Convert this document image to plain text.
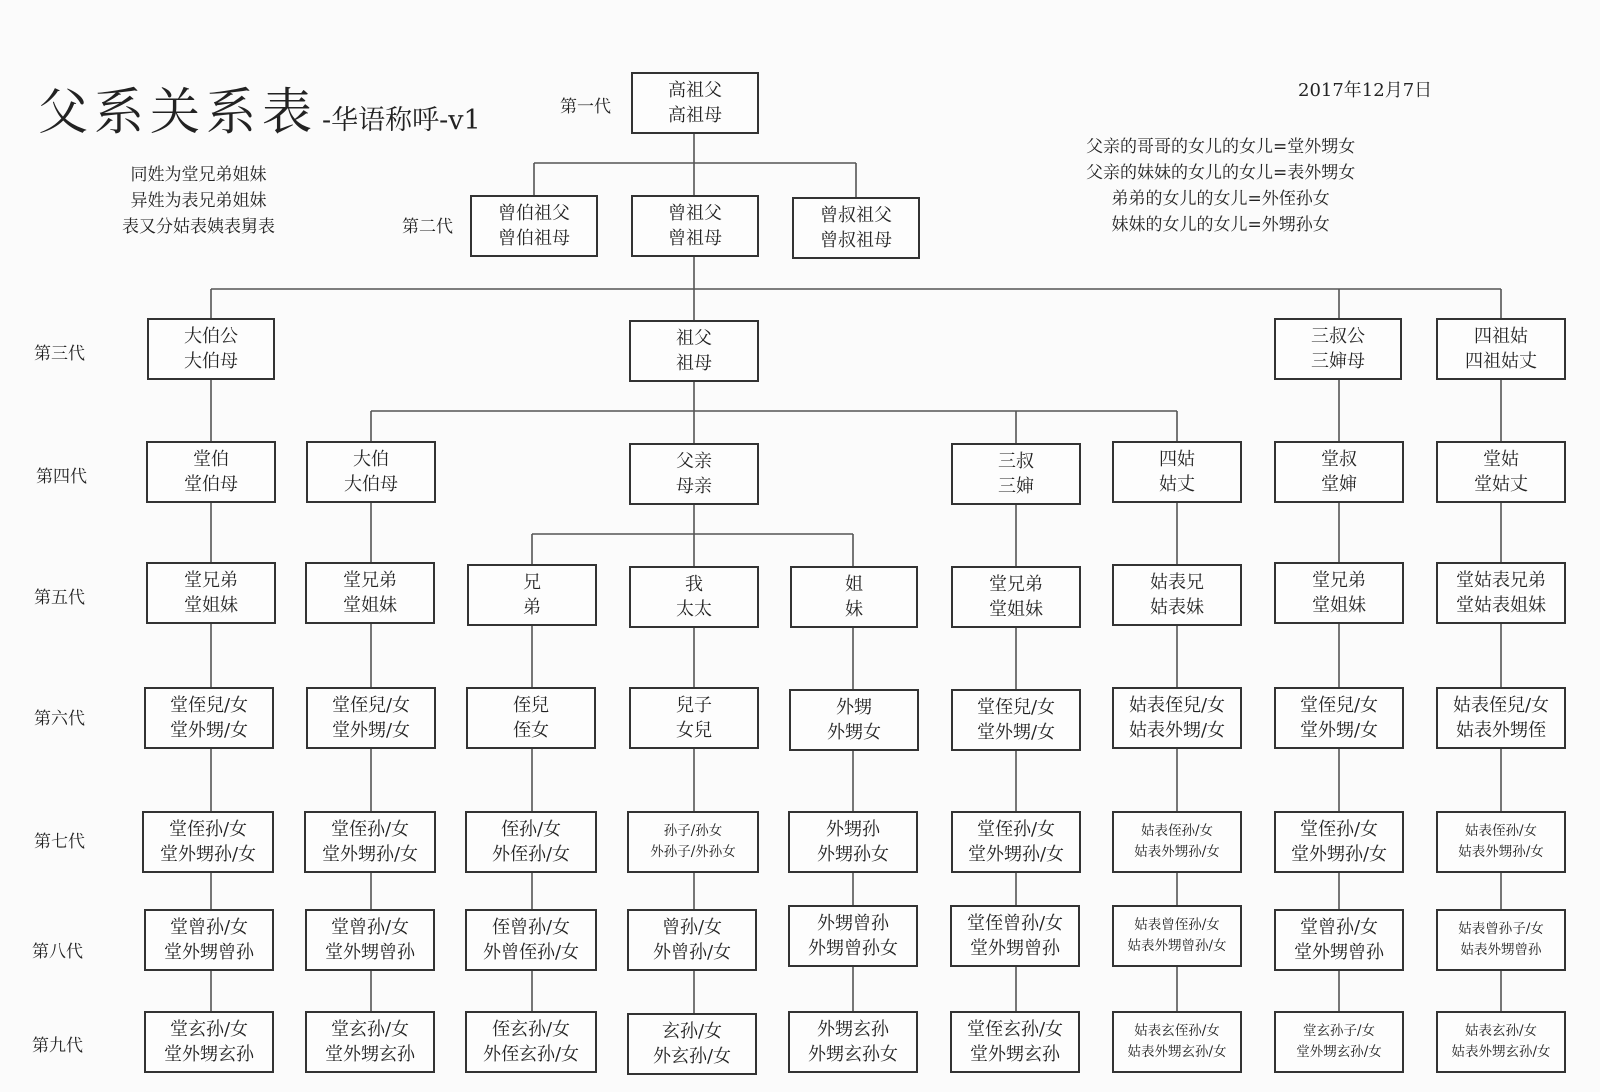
父系关系表 -华语称呼-v1
2017年12月7日
同姓为堂兄弟姐妹
异姓为表兄弟姐妹
表又分姑表姨表舅表
父亲的哥哥的女儿的女儿=堂外甥女
父亲的妹妹的女儿的女儿=表外甥女
弟弟的女儿的女儿=外侄孙女
妹妹的女儿的女儿=外甥孙女
第一代
第二代
第三代
第四代
第五代
第六代
第七代
第八代
第九代
高祖父
高祖母
曾伯祖父
曾伯祖母
曾祖父
曾祖母
曾叔祖父
曾叔祖母
大伯公
大伯母
祖父
祖母
三叔公
三婶母
四祖姑
四祖姑丈
堂伯
堂伯母
堂兄弟
堂姐妹
堂侄兒/女
堂外甥/女
堂侄孙/女
堂外甥孙/女
堂曾孙/女
堂外甥曾孙
堂玄孙/女
堂外甥玄孙
大伯
大伯母
堂兄弟
堂姐妹
堂侄兒/女
堂外甥/女
堂侄孙/女
堂外甥孙/女
堂曾孙/女
堂外甥曾孙
堂玄孙/女
堂外甥玄孙
兄
弟
侄兒
侄女
侄孙/女
外侄孙/女
侄曾孙/女
外曾侄孙/女
侄玄孙/女
外侄玄孙/女
父亲
母亲
我
太太
兒子
女兒
孙子/孙女
外孙子/外孙女
曾孙/女
外曾孙/女
玄孙/女
外玄孙/女
姐
妹
外甥
外甥女
外甥孙
外甥孙女
外甥曾孙
外甥曾孙女
外甥玄孙
外甥玄孙女
三叔
三婶
堂兄弟
堂姐妹
堂侄兒/女
堂外甥/女
堂侄孙/女
堂外甥孙/女
堂侄曾孙/女
堂外甥曾孙
堂侄玄孙/女
堂外甥玄孙
四姑
姑丈
姑表兄
姑表妹
姑表侄兒/女
姑表外甥/女
姑表侄孙/女
姑表外甥孙/女
姑表曾侄孙/女
姑表外甥曾孙/女
姑表玄侄孙/女
姑表外甥玄孙/女
堂叔
堂婶
堂兄弟
堂姐妹
堂侄兒/女
堂外甥/女
堂侄孙/女
堂外甥孙/女
堂曾孙/女
堂外甥曾孙
堂玄孙子/女
堂外甥玄孙/女
堂姑
堂姑丈
堂姑表兄弟
堂姑表姐妹
姑表侄兒/女
姑表外甥侄
姑表侄孙/女
姑表外甥孙/女
姑表曾孙子/女
姑表外甥曾孙
姑表玄孙/女
姑表外甥玄孙/女
